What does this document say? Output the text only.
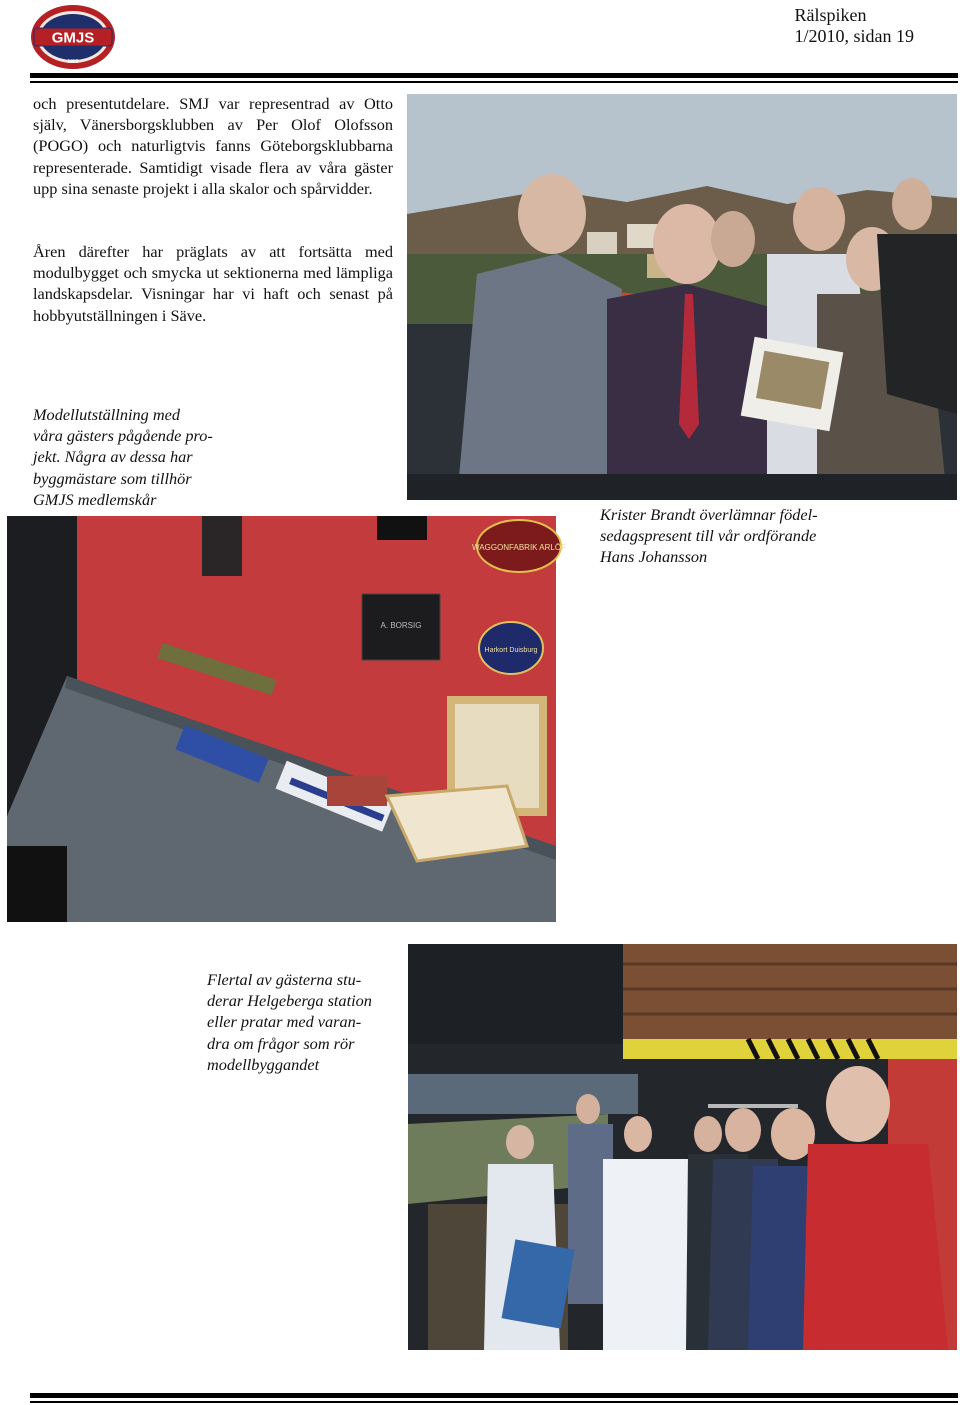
GMJS
1955
Rälspiken
1/2010, sidan 19
och presentutdelare. SMJ var representrad av Otto själv, Vänersborgsklubben av Per Olof Olofsson (POGO) och naturligtvis fanns Göteborgsklubbarna representerade. Samtidigt visade flera av våra gäster upp sina senaste projekt i alla skalor och spårvidder.
Åren därefter har präglats av att fortsätta med modulbygget och smycka ut sektionerna med lämpliga landskapsdelar. Visningar har vi haft och senast på hobbyutställningen i Säve.
Modellutställning med
våra gästers pågående pro-
jekt. Några av dessa har
byggmästare som tillhör
GMJS medlemskår
Krister Brandt överlämnar födel-
sedagspresent till vår ordförande
Hans Johansson
Flertal av gästerna stu-
derar Helgeberga station
eller pratar med varan-
dra om frågor som rör
modellbyggandet
WAGGONFABRIK ARLÖF
A. BORSIG
Harkort Duisburg
